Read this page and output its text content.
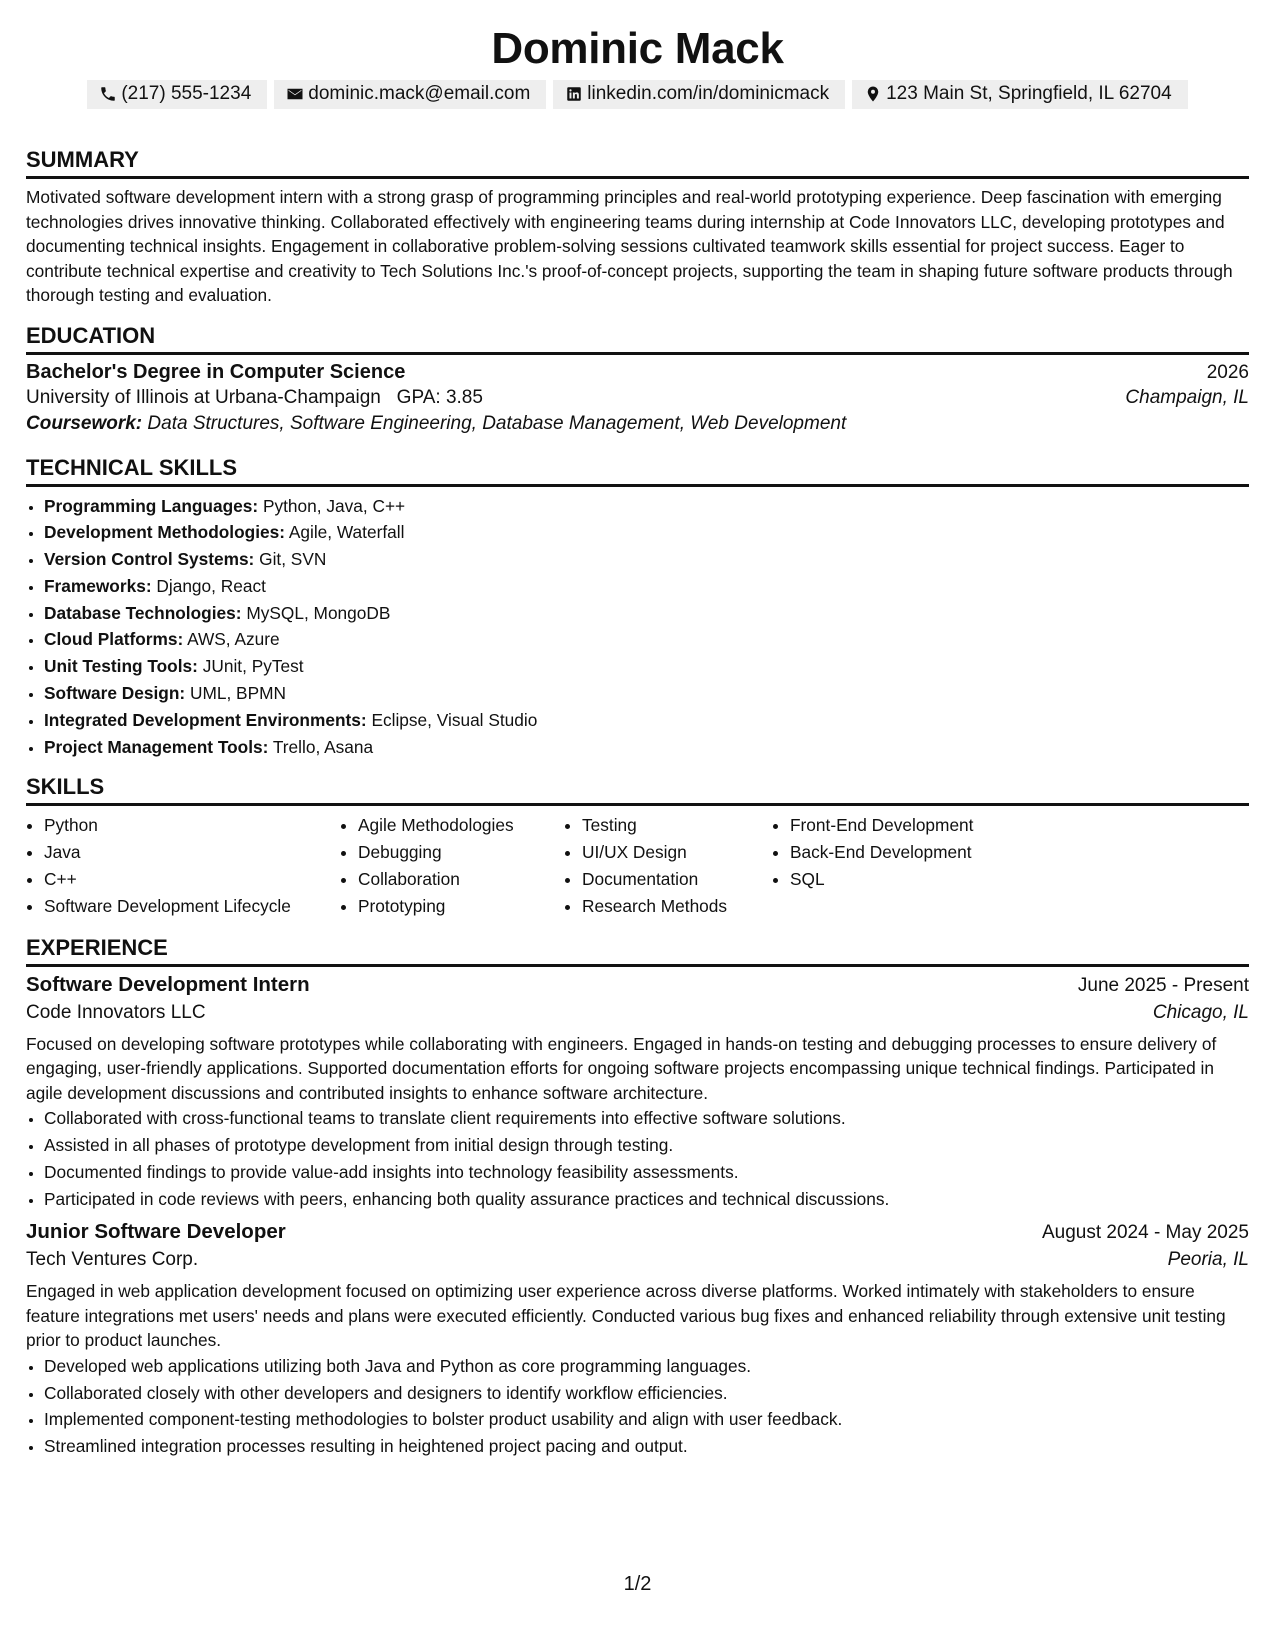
Dominic Mack
(217) 555-1234	dominic.mack@email.com	linkedin.com/in/dominicmack	123 Main St, Springfield, IL 62704
SUMMARY

Motivated software development intern with a strong grasp of programming principles and real-world prototyping experience. Deep fascination with emerging technologies drives innovative thinking. Collaborated effectively with engineering teams during internship at Code Innovators LLC, developing prototypes and documenting technical insights. Engagement in collaborative problem-solving sessions cultivated teamwork skills essential for project success. Eager to contribute technical expertise and creativity to Tech Solutions Inc.'s proof-of-concept projects, supporting the team in shaping future software products through thorough testing and evaluation.

EDUCATION
Bachelor's Degree in Computer Science	2026
University of Illinois at Urbana-Champaign GPA: 3.85	Champaign, IL
Coursework: Data Structures, Software Engineering, Database Management, Web Development
TECHNICAL SKILLS
• Programming Languages: Python, Java, C++
• Development Methodologies: Agile, Waterfall
• Version Control Systems: Git, SVN
• Frameworks: Django, React
• Database Technologies: MySQL, MongoDB
• Cloud Platforms: AWS, Azure
• Unit Testing Tools: JUnit, PyTest
• Software Design: UML, BPMN
• Integrated Development Environments: Eclipse, Visual Studio
• Project Management Tools: Trello, Asana
SKILLS
• Python
• Java
• C++
• Software Development Lifecycle
• Agile Methodologies
• Debugging
• Collaboration
• Prototyping
• Testing
• UI/UX Design
• Documentation
• Research Methods
• Front-End Development
• Back-End Development
• SQL
EXPERIENCE
Software Development Intern	June 2025 - Present
Code Innovators LLC	Chicago, IL

Focused on developing software prototypes while collaborating with engineers. Engaged in hands-on testing and debugging processes to ensure delivery of engaging, user-friendly applications. Supported documentation efforts for ongoing software projects encompassing unique technical findings. Participated in agile development discussions and contributed insights to enhance software architecture.

• Collaborated with cross-functional teams to translate client requirements into effective software solutions.
• Assisted in all phases of prototype development from initial design through testing.
• Documented findings to provide value-add insights into technology feasibility assessments.
• Participated in code reviews with peers, enhancing both quality assurance practices and technical discussions.
Junior Software Developer	August 2024 - May 2025
Tech Ventures Corp.	Peoria, IL

Engaged in web application development focused on optimizing user experience across diverse platforms. Worked intimately with stakeholders to ensure feature integrations met users' needs and plans were executed efficiently. Conducted various bug fixes and enhanced reliability through extensive unit testing prior to product launches.

• Developed web applications utilizing both Java and Python as core programming languages.
• Collaborated closely with other developers and designers to identify workflow efficiencies.
• Implemented component-testing methodologies to bolster product usability and align with user feedback.
• Streamlined integration processes resulting in heightened project pacing and output.
1/2
